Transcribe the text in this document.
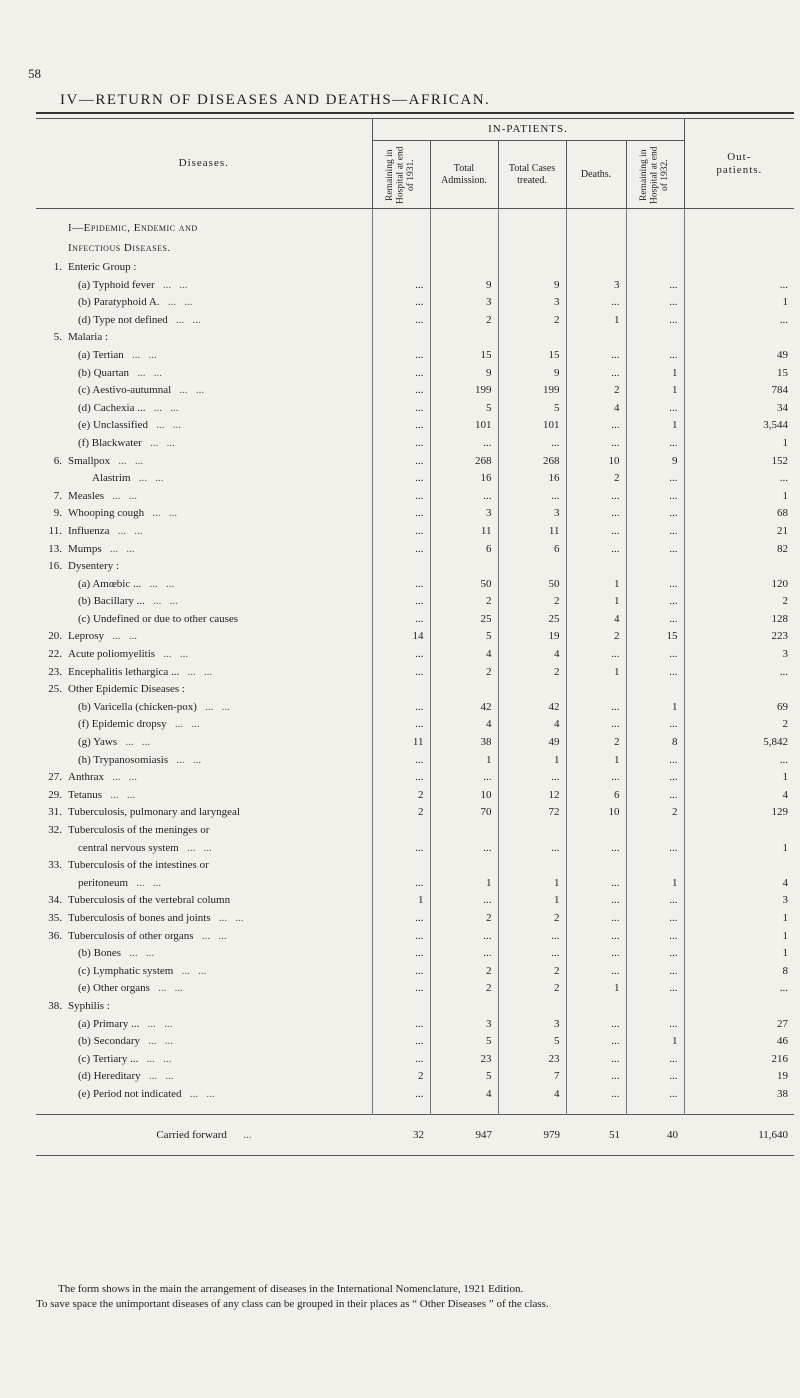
58
IV—RETURN OF DISEASES AND DEATHS—AFRICAN.
Diseases.	IN-PATIENTS.					Out-patients.

	Remaining in Hospital at end of 1931.	Total Admission.	Total Cases treated.	Deaths.	Remaining in Hospital at end of 1932.	

I—Epidemic, Endemic and						
Infectious Diseases.						
1. Enteric Group :						
(a) Typhoid fever   ...   ...	...	9	9	3	...	...
(b) Paratyphoid A.   ...   ...	...	3	3	...	...	1
(d) Type not defined   ...   ...	...	2	2	1	...	...
5. Malaria :						
(a) Tertian   ...   ...	...	15	15	...	...	49
(b) Quartan   ...   ...	...	9	9	...	1	15
(c) Aestivo-autumnal   ...   ...	...	199	199	2	1	784
(d) Cachexia ...   ...   ...	...	5	5	4	...	34
(e) Unclassified   ...   ...	...	101	101	...	1	3,544
(f) Blackwater   ...   ...	...	...	...	...	...	1
6. Smallpox   ...   ...	...	268	268	10	9	152
Alastrim   ...   ...	...	16	16	2	...	...
7. Measles   ...   ...	...	...	...	...	...	1
9. Whooping cough   ...   ...	...	3	3	...	...	68
11. Influenza   ...   ...	...	11	11	...	...	21
13. Mumps   ...   ...	...	6	6	...	...	82
16. Dysentery :						
(a) Amœbic ...   ...   ...	...	50	50	1	...	120
(b) Bacillary ...   ...   ...	...	2	2	1	...	2
(c) Undefined or due to other causes	...	25	25	4	...	128
20. Leprosy   ...   ...	14	5	19	2	15	223
22. Acute poliomyelitis   ...   ...	...	4	4	...	...	3
23. Encephalitis lethargica ...   ...   ...	...	2	2	1	...	...
25. Other Epidemic Diseases :						
(b) Varicella (chicken-pox)   ...   ...	...	42	42	...	1	69
(f) Epidemic dropsy   ...   ...	...	4	4	...	...	2
(g) Yaws   ...   ...	11	38	49	2	8	5,842
(h) Trypanosomiasis   ...   ...	...	1	1	1	...	...
27. Anthrax   ...   ...	...	...	...	...	...	1
29. Tetanus   ...   ...	2	10	12	6	...	4
31. Tuberculosis, pulmonary and laryngeal	2	70	72	10	2	129
32. Tuberculosis of the meninges or						
central nervous system   ...   ...	...	...	...	...	...	1
33. Tuberculosis of the intestines or						
peritoneum   ...   ...	...	1	1	...	1	4
34. Tuberculosis of the vertebral column	1	...	1	...	...	3
35. Tuberculosis of bones and joints   ...   ...	...	2	2	...	...	1
36. Tuberculosis of other organs   ...   ...	...	...	...	...	...	1
(b) Bones   ...   ...	...	...	...	...	...	1
(c) Lymphatic system   ...   ...	...	2	2	...	...	8
(e) Other organs   ...   ...	...	2	2	1	...	...
38. Syphilis :						
(a) Primary ...   ...   ...	...	3	3	...	...	27
(b) Secondary   ...   ...	...	5	5	...	1	46
(c) Tertiary ...   ...   ...	...	23	23	...	...	216
(d) Hereditary   ...   ...	2	5	7	...	...	19
(e) Period not indicated   ...   ...	...	4	4	...	...	38

Carried forward ...	32	947	979	51	40	11,640

The form shows in the main the arrangement of diseases in the International Nomenclature, 1921 Edition.

To save space the unimportant diseases of any class can be grouped in their places as “ Other Diseases ” of the class.
